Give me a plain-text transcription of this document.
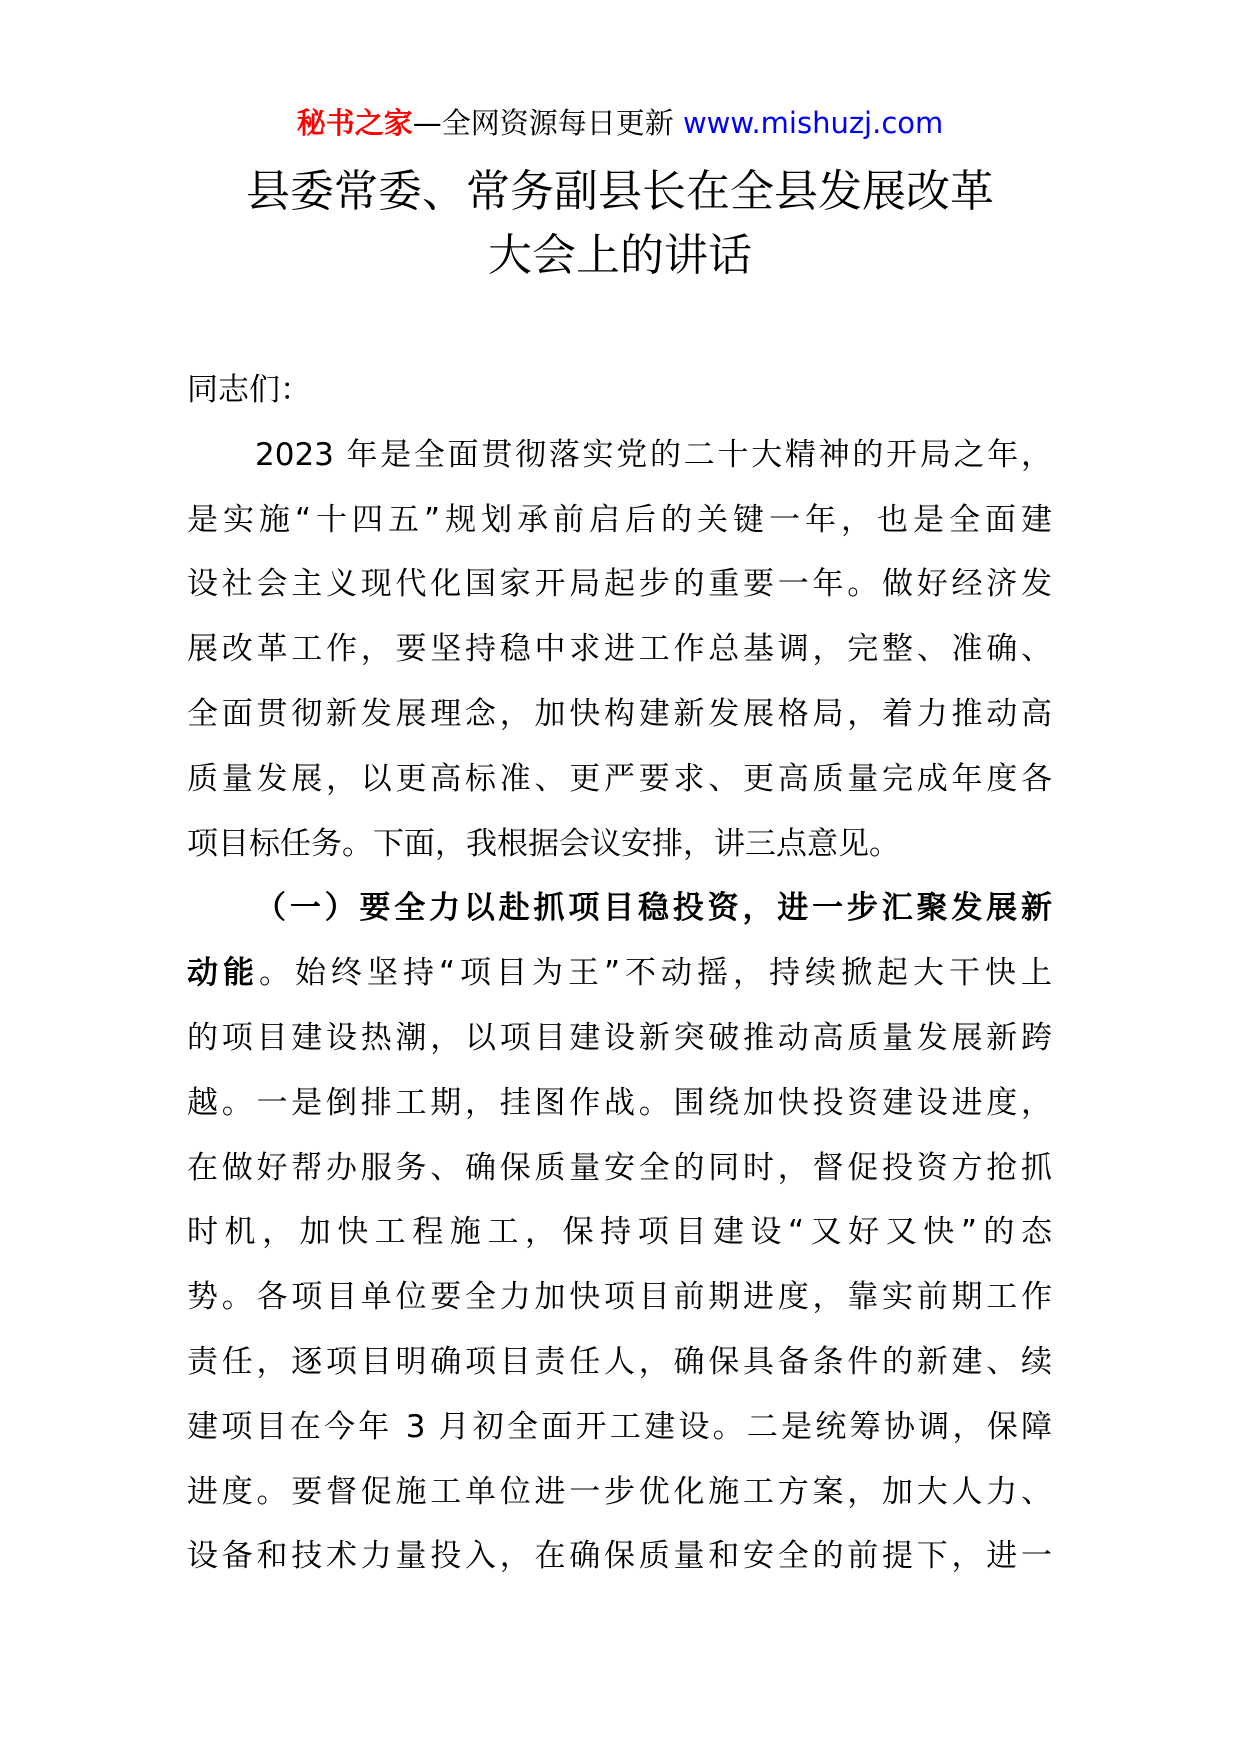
秘书之家—全网资源每日更新 www.mishuzj.com
县委常委、常务副县长在全县发展改革
大会上的讲话
同志们：
2023 年是全面贯彻落实党的二十大精神的开局之年，
是实施“十四五”规划承前启后的关键一年，也是全面建
设社会主义现代化国家开局起步的重要一年。做好经济发
展改革工作，要坚持稳中求进工作总基调，完整、准确、
全面贯彻新发展理念，加快构建新发展格局，着力推动高
质量发展，以更高标准、更严要求、更高质量完成年度各
项目标任务。下面，我根据会议安排，讲三点意见。
（一）要全力以赴抓项目稳投资，进一步汇聚发展新
动能。始终坚持“项目为王”不动摇，持续掀起大干快上
的项目建设热潮，以项目建设新突破推动高质量发展新跨
越。一是倒排工期，挂图作战。围绕加快投资建设进度，
在做好帮办服务、确保质量安全的同时，督促投资方抢抓
时机，加快工程施工，保持项目建设“又好又快”的态
势。各项目单位要全力加快项目前期进度，靠实前期工作
责任，逐项目明确项目责任人，确保具备条件的新建、续
建项目在今年 3 月初全面开工建设。二是统筹协调，保障
进度。要督促施工单位进一步优化施工方案，加大人力、
设备和技术力量投入，在确保质量和安全的前提下，进一
